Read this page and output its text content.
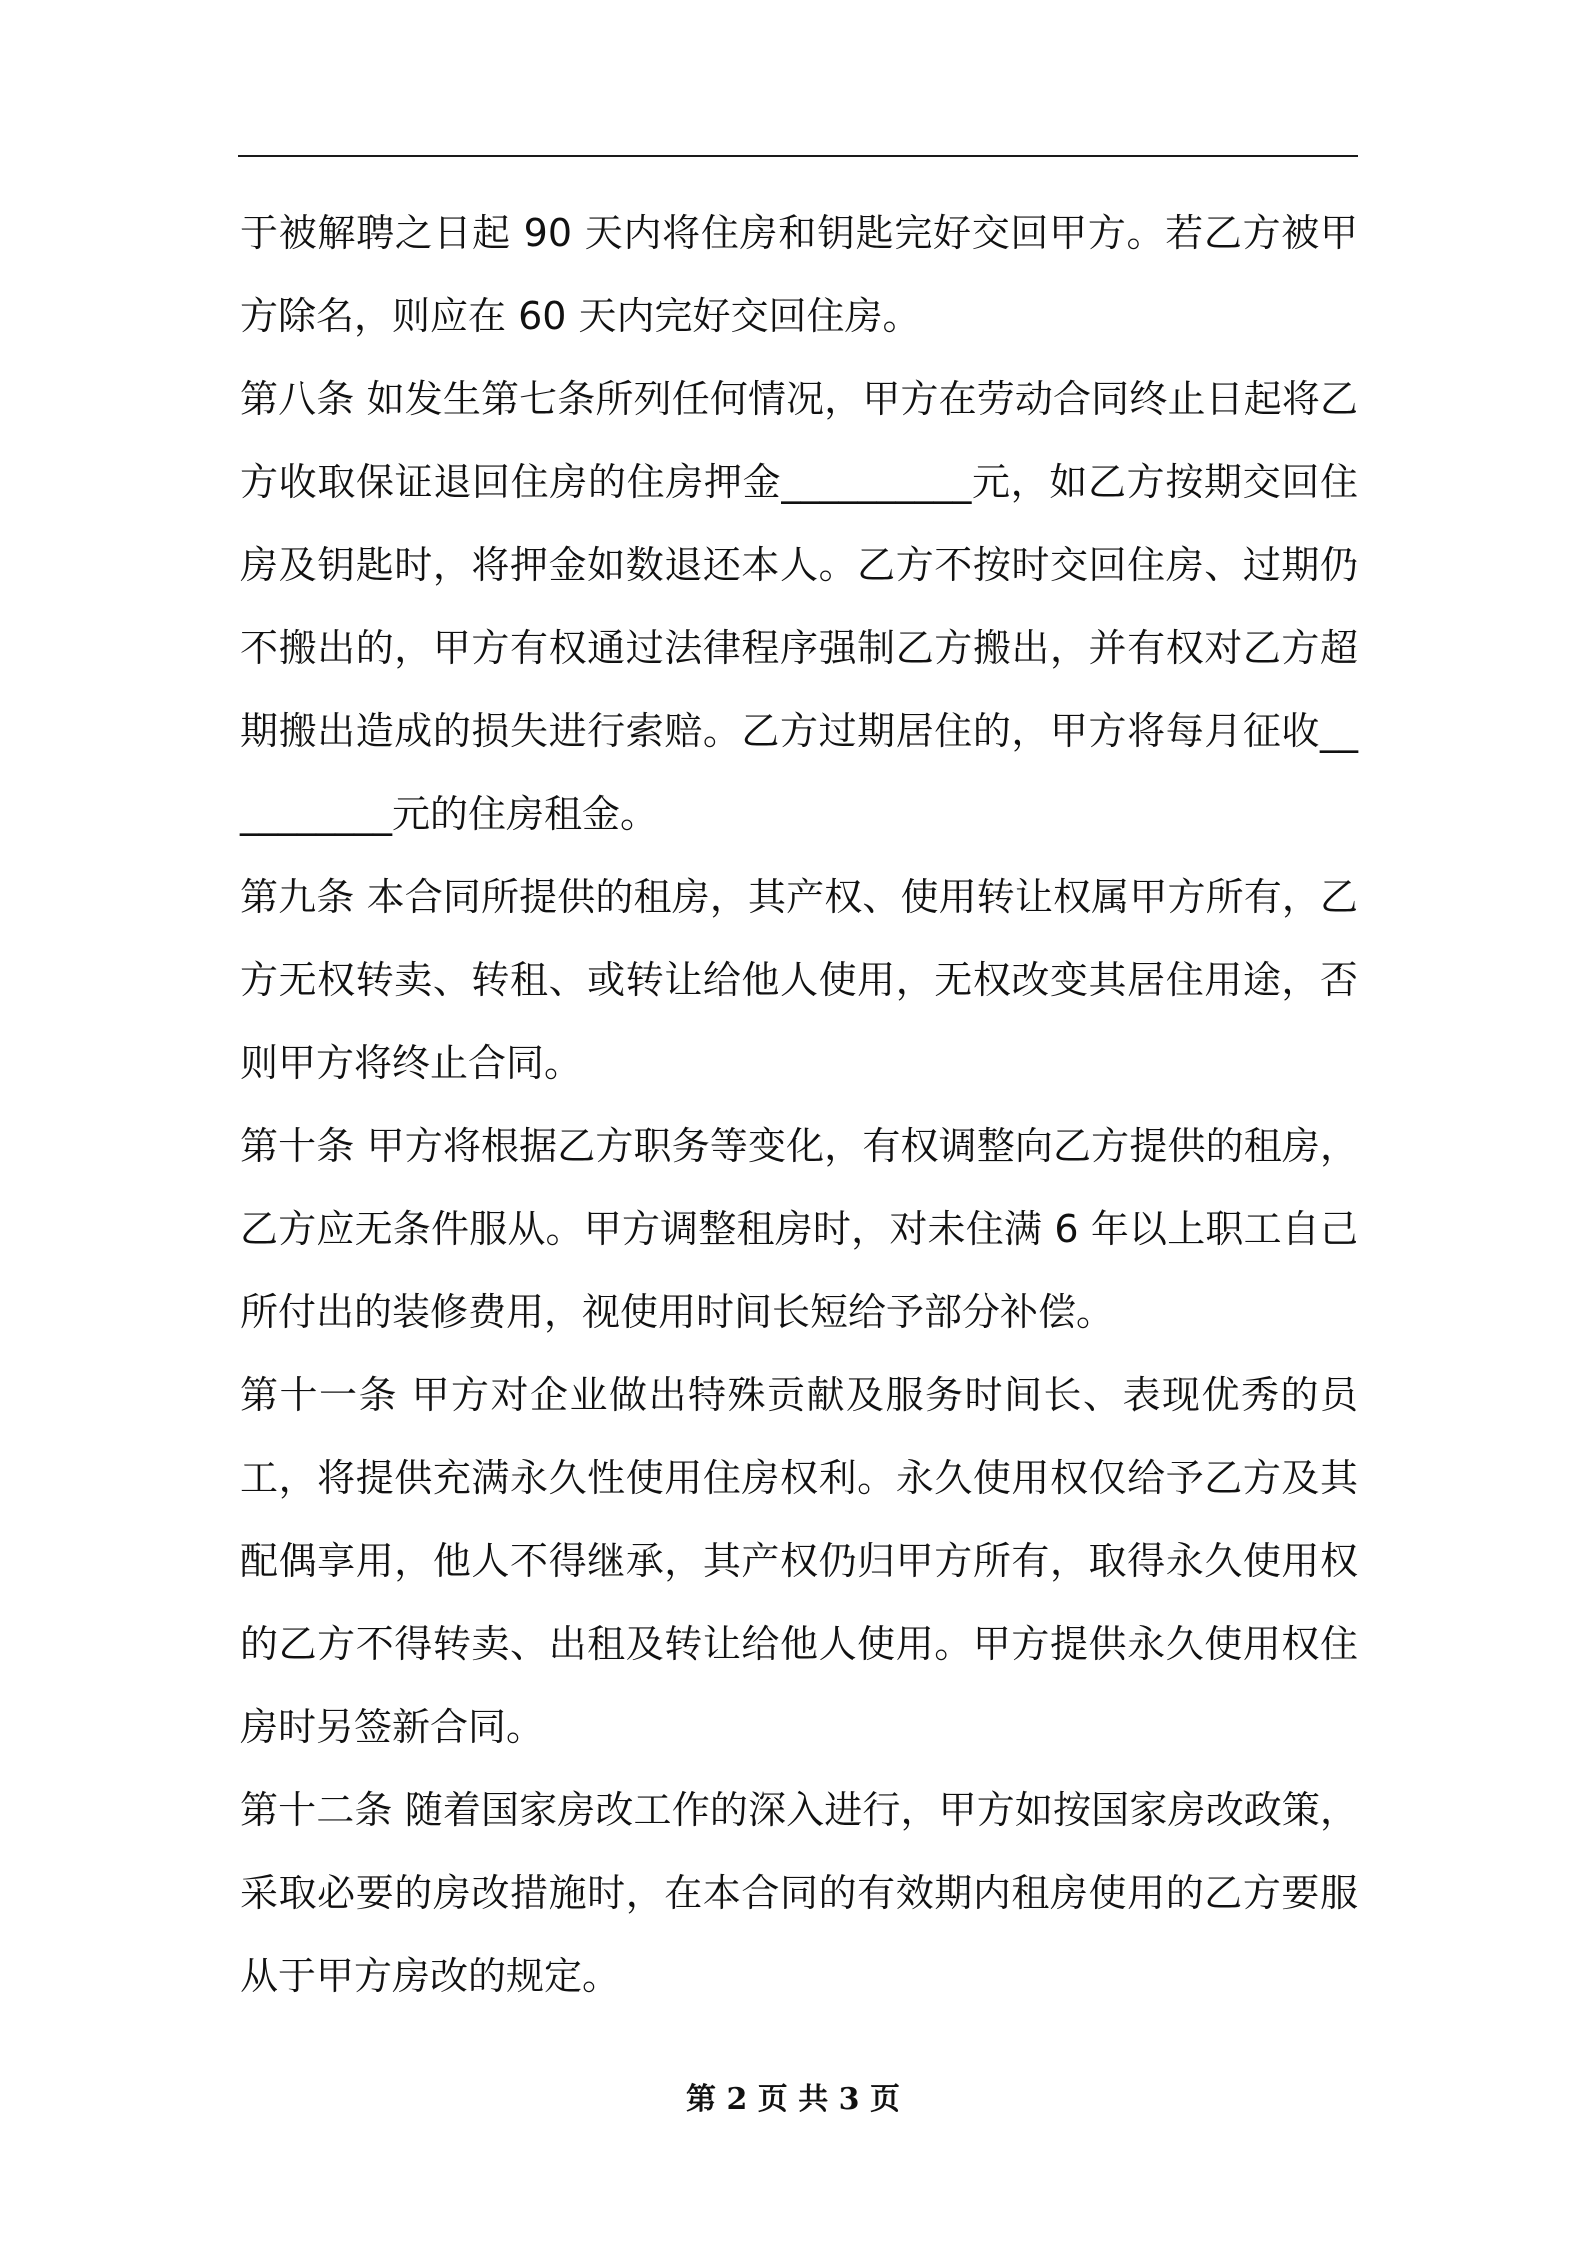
于被解聘之日起 90 天内将住房和钥匙完好交回甲方。若乙方被甲方除名，则应在 60 天内完好交回住房。

第八条 如发生第七条所列任何情况，甲方在劳动合同终止日起将乙方收取保证退回住房的住房押金__________元，如乙方按期交回住房及钥匙时，将押金如数退还本人。乙方不按时交回住房、过期仍不搬出的，甲方有权通过法律程序强制乙方搬出，并有权对乙方超期搬出造成的损失进行索赔。乙方过期居住的，甲方将每月征收__________元的住房租金。

第九条 本合同所提供的租房，其产权、使用转让权属甲方所有，乙方无权转卖、转租、或转让给他人使用，无权改变其居住用途，否则甲方将终止合同。

第十条 甲方将根据乙方职务等变化，有权调整向乙方提供的租房，乙方应无条件服从。甲方调整租房时，对未住满 6 年以上职工自己所付出的装修费用，视使用时间长短给予部分补偿。

第十一条 甲方对企业做出特殊贡献及服务时间长、表现优秀的员工，将提供充满永久性使用住房权利。永久使用权仅给予乙方及其配偶享用，他人不得继承，其产权仍归甲方所有，取得永久使用权的乙方不得转卖、出租及转让给他人使用。甲方提供永久使用权住房时另签新合同。

第十二条 随着国家房改工作的深入进行，甲方如按国家房改政策，采取必要的房改措施时，在本合同的有效期内租房使用的乙方要服从于甲方房改的规定。

第 2 页 共 3 页
